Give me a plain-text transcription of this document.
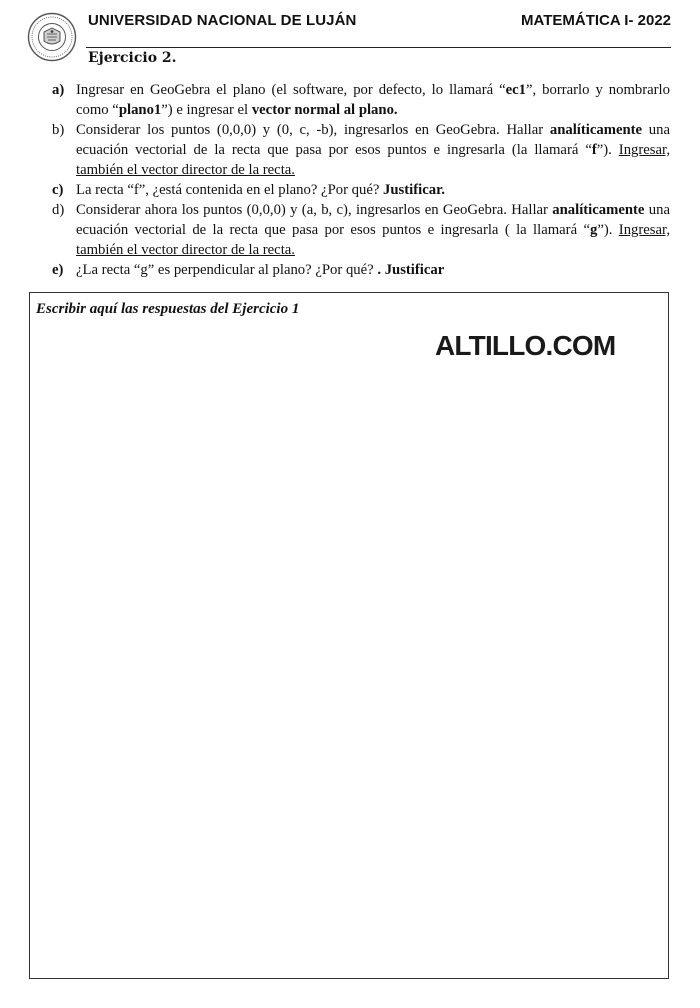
UNIVERSIDAD NACIONAL DE LUJÁN	MATEMÁTICA I- 2022
Ejercicio 2.
a) Ingresar en GeoGebra el plano (el software, por defecto, lo llamará “ec1”, borrarlo y nombrarlo como “plano1”) e ingresar el vector normal al plano.
b) Considerar los puntos (0,0,0) y (0, c, -b), ingresarlos en GeoGebra. Hallar analíticamente una ecuación vectorial de la recta que pasa por esos puntos e ingresarla (la llamará “f”). Ingresar, también el vector director de la recta.
c) La recta “f”, ¿está contenida en el plano? ¿Por qué? Justificar.
d) Considerar ahora los puntos (0,0,0) y (a, b, c), ingresarlos en GeoGebra. Hallar analíticamente una ecuación vectorial de la recta que pasa por esos puntos e ingresarla ( la llamará “g”). Ingresar, también el vector director de la recta.
e) ¿La recta “g” es perpendicular al plano? ¿Por qué? . Justificar
Escribir aquí las respuestas del Ejercicio 1
ALTILLO.COM
